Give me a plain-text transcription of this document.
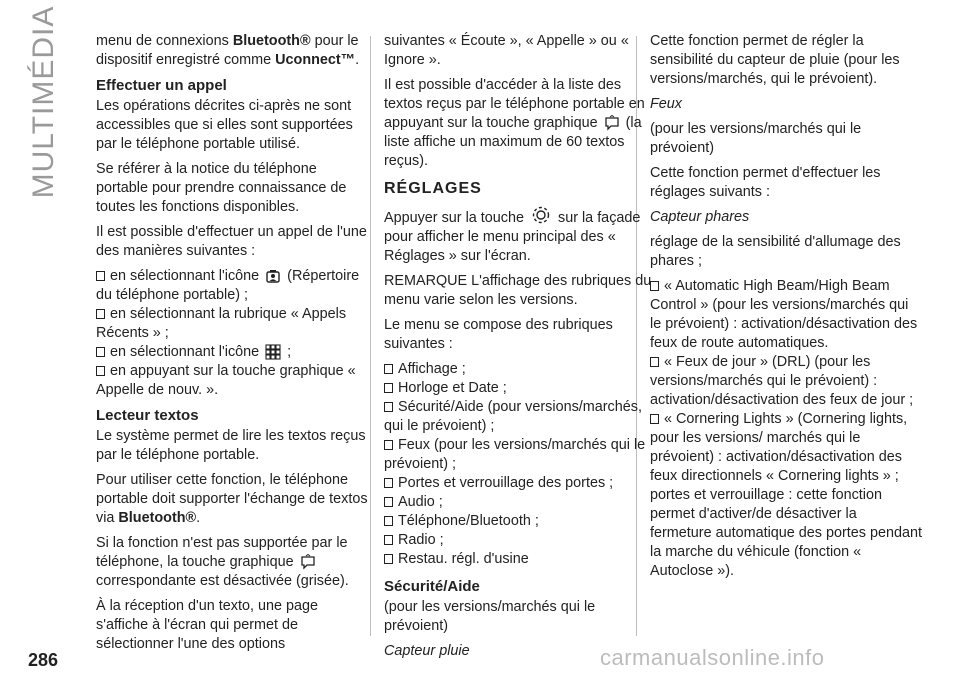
MULTIMÉDIA	menu de connexions Bluetooth® pour le dispositif enregistré comme Uconnect™.

Effectuer un appel

Les opérations décrites ci-après ne sont accessibles que si elles sont supportées par le téléphone portable utilisé.

Se référer à la notice du téléphone portable pour prendre connaissance de toutes les fonctions disponibles.

Il est possible d'effectuer un appel de l'une des manières suivantes :

en sélectionnant l'icône (Répertoire du téléphone portable) ;

en sélectionnant la rubrique « Appels Récents » ;

en sélectionnant l'icône ;

en appuyant sur la touche graphique « Appelle de nouv. ».

Lecteur textos

Le système permet de lire les textos reçus par le téléphone portable.

Pour utiliser cette fonction, le téléphone portable doit supporter l'échange de textos via Bluetooth®.

Si la fonction n'est pas supportée par le téléphone, la touche graphique  correspondante est désactivée (grisée).

À la réception d'un texto, une page s'affiche à l'écran qui permet de sélectionner l'une des options

suivantes « Écoute », « Appelle » ou « Ignore ».

Il est possible d'accéder à la liste des textos reçus par le téléphone portable en appuyant sur la touche graphique (la liste affiche un maximum de 60 textos reçus).

RÉGLAGES

Appuyer sur la touche sur la façade pour afficher le menu principal des « Réglages » sur l'écran.

REMARQUE L'affichage des rubriques du menu varie selon les versions.

Le menu se compose des rubriques suivantes :

Affichage ;

Horloge et Date ;

Sécurité/Aide (pour versions/marchés, qui le prévoient) ;

Feux (pour les versions/marchés qui le prévoient) ;

Portes et verrouillage des portes ;

Audio ;

Téléphone/Bluetooth ;

Radio ;

Restau. régl. d'usine

Sécurité/Aide

(pour les versions/marchés qui le prévoient)

Capteur pluie

Cette fonction permet de régler la sensibilité du capteur de pluie (pour les versions/marchés, qui le prévoient).

Feux

(pour les versions/marchés qui le prévoient)

Cette fonction permet d'effectuer les réglages suivants :

Capteur phares

réglage de la sensibilité d'allumage des phares ;

« Automatic High Beam/High Beam Control » (pour les versions/marchés qui le prévoient) : activation/désactivation des feux de route automatiques.

« Feux de jour » (DRL) (pour les versions/marchés qui le prévoient) : activation/désactivation des feux de jour ;

« Cornering Lights » (Cornering lights, pour les versions/ marchés qui le prévoient) : activation/désactivation des feux directionnels « Cornering lights » ;

portes et verrouillage : cette fonction permet d'activer/de désactiver la fermeture automatique des portes pendant la marche du véhicule (fonction « Autoclose »).

286	carmanualsonline.info
